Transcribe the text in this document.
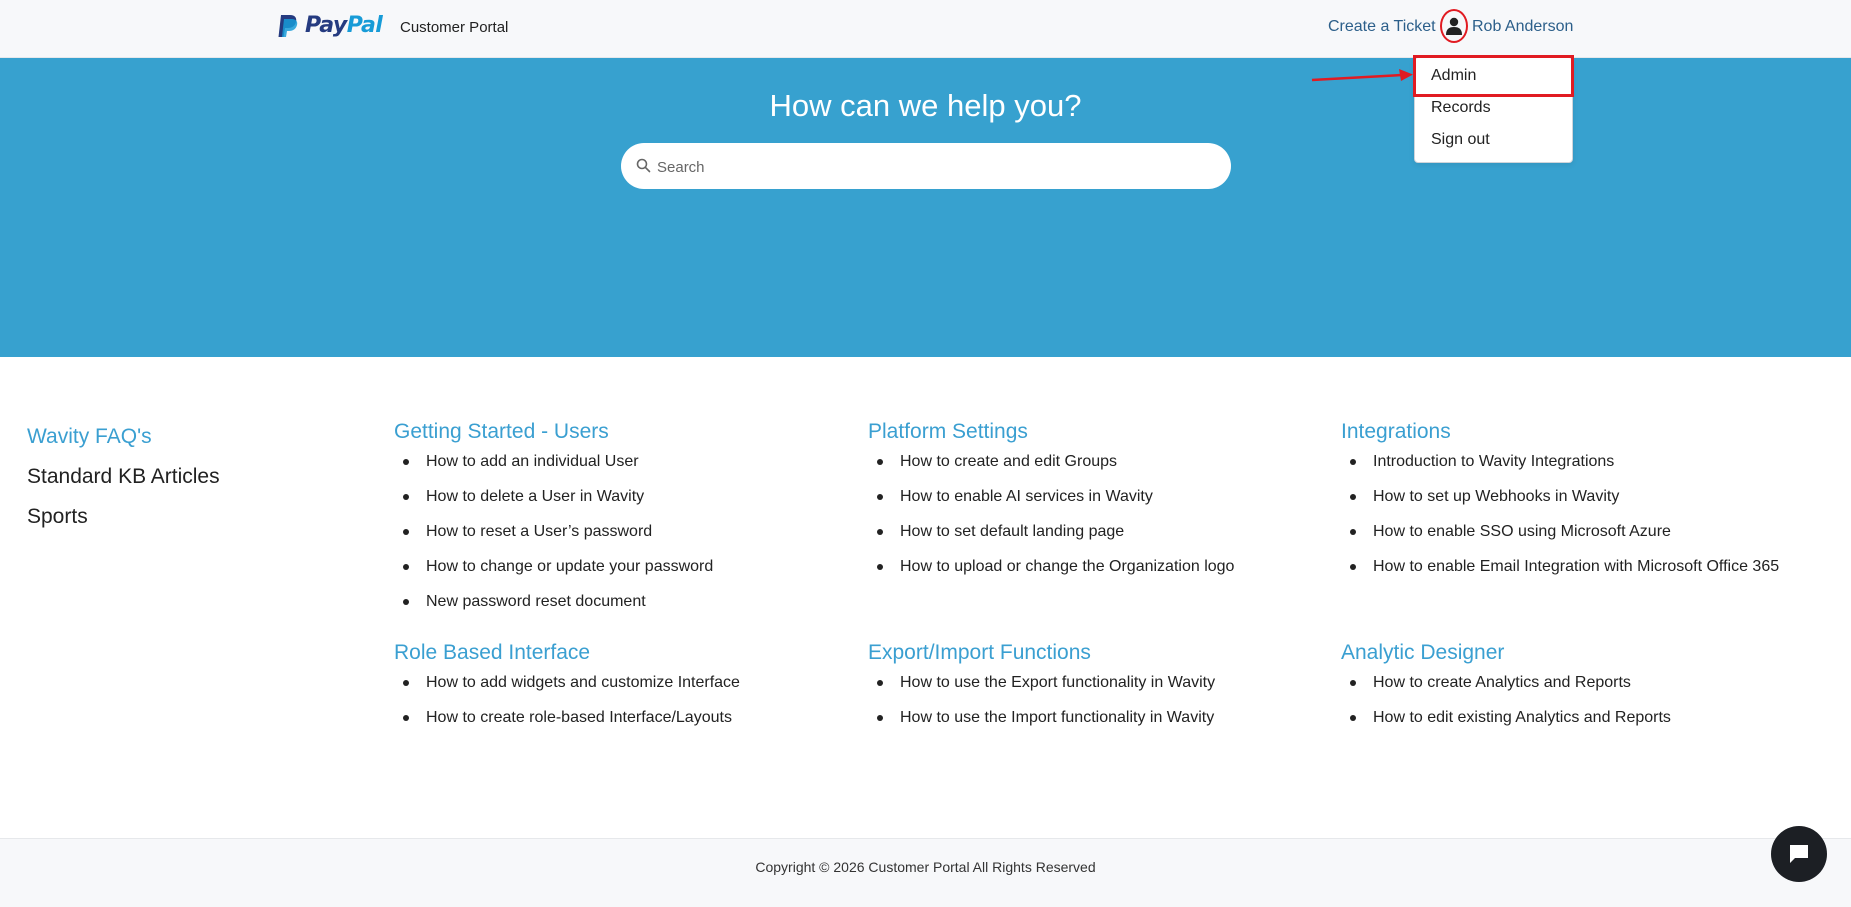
PayPal Customer Portal	Create a Ticket Rob Anderson
How can we help you?
Search
Admin
Records
Sign out
Wavity FAQ's
Standard KB Articles
Sports
Getting Started - Users
How to add an individual User
How to delete a User in Wavity
How to reset a User’s password
How to change or update your password
New password reset document
Platform Settings
How to create and edit Groups
How to enable AI services in Wavity
How to set default landing page
How to upload or change the Organization logo
Integrations
Introduction to Wavity Integrations
How to set up Webhooks in Wavity
How to enable SSO using Microsoft Azure
How to enable Email Integration with Microsoft Office 365
Role Based Interface
How to add widgets and customize Interface
How to create role-based Interface/Layouts
Export/Import Functions
How to use the Export functionality in Wavity
How to use the Import functionality in Wavity
Analytic Designer
How to create Analytics and Reports
How to edit existing Analytics and Reports
Copyright © 2026 Customer Portal All Rights Reserved
